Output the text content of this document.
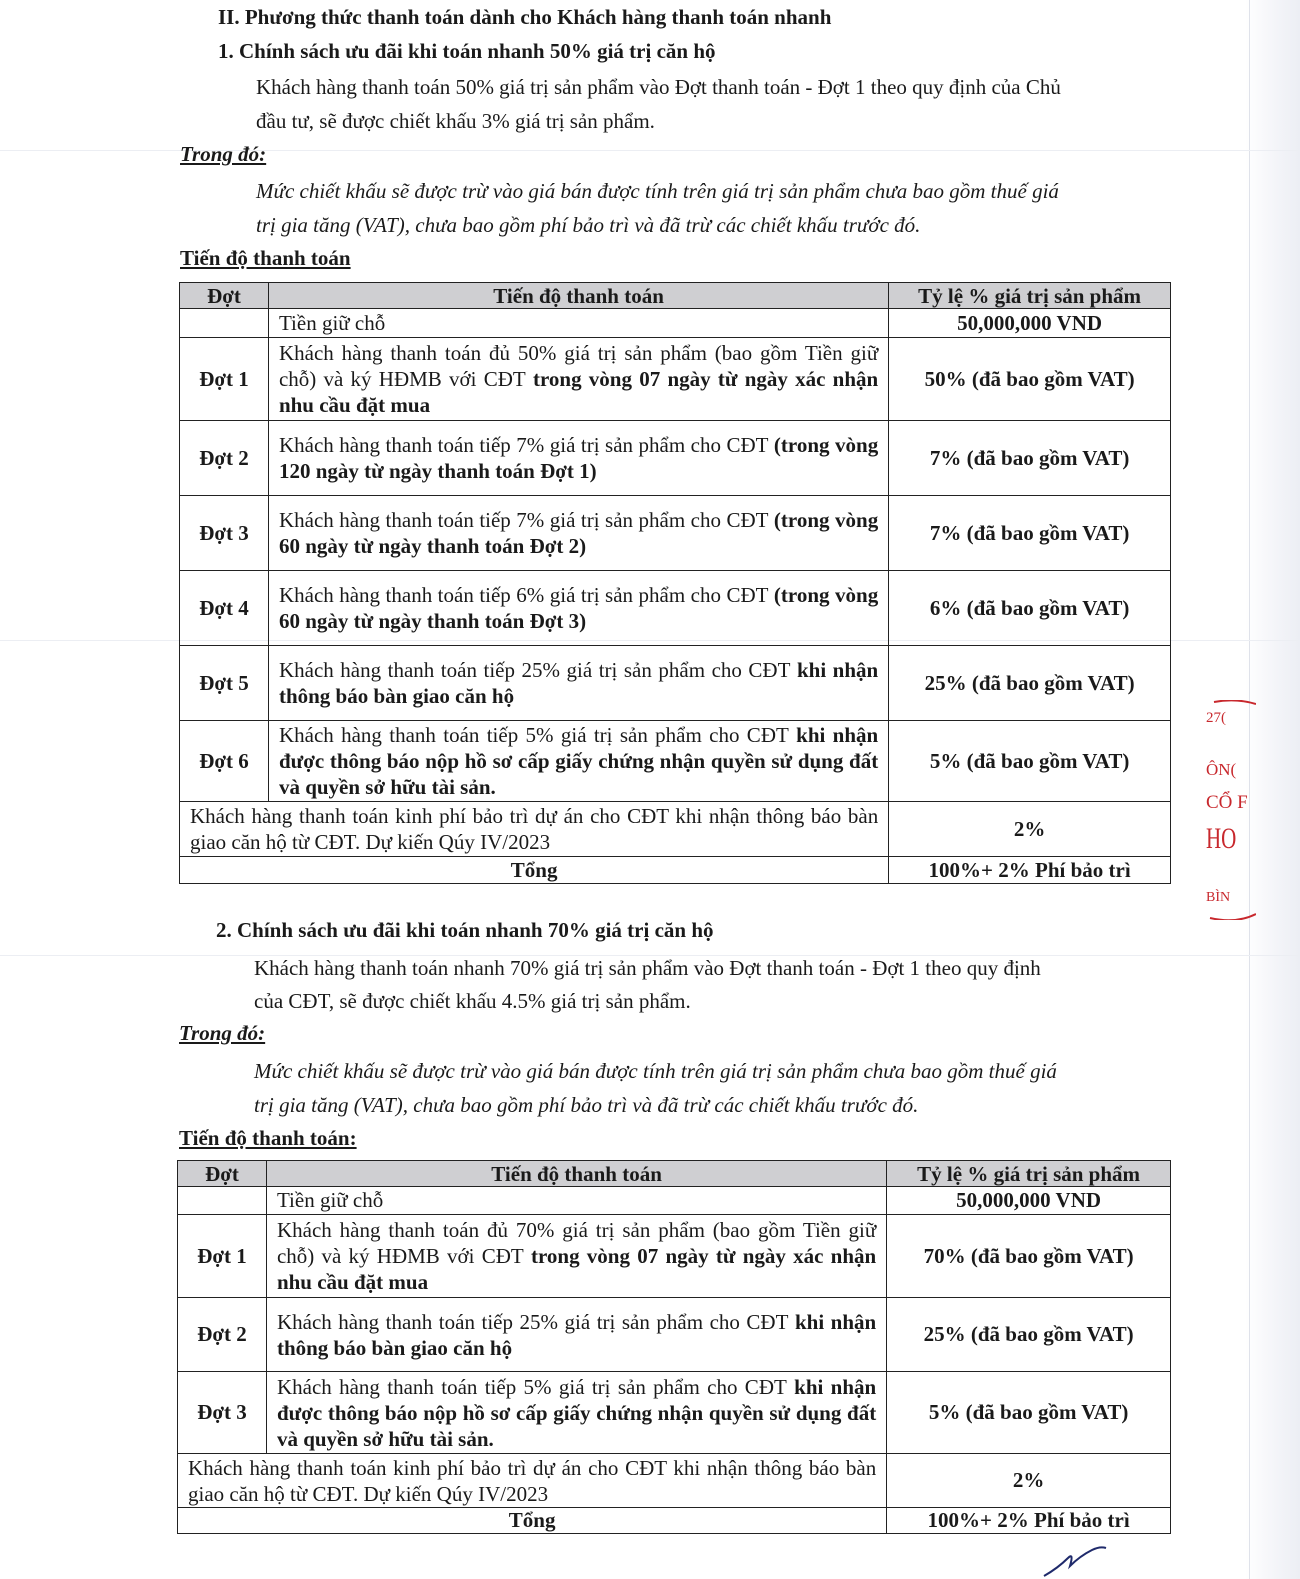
II. Phương thức thanh toán dành cho Khách hàng thanh toán nhanh
1. Chính sách ưu đãi khi toán nhanh 50% giá trị căn hộ
Khách hàng thanh toán 50% giá trị sản phẩm vào Đợt thanh toán - Đợt 1 theo quy định của Chủ
đầu tư, sẽ được chiết khấu 3% giá trị sản phẩm.
Trong đó:
Mức chiết khấu sẽ được trừ vào giá bán được tính trên giá trị sản phẩm chưa bao gồm thuế giá
trị gia tăng (VAT), chưa bao gồm phí bảo trì và đã trừ các chiết khấu trước đó.
Tiến độ thanh toán
Đợt	Tiến độ thanh toán	Tỷ lệ % giá trị sản phẩm
	Tiền giữ chỗ	50,000,000 VND
Đợt 1	Khách hàng thanh toán đủ 50% giá trị sản phẩm (bao gồm Tiền giữ chỗ) và ký HĐMB với CĐT trong vòng 07 ngày từ ngày xác nhận nhu cầu đặt mua	50% (đã bao gồm VAT)
Đợt 2	Khách hàng thanh toán tiếp 7% giá trị sản phẩm cho CĐT (trong vòng 120 ngày từ ngày thanh toán Đợt 1)	7% (đã bao gồm VAT)
Đợt 3	Khách hàng thanh toán tiếp 7% giá trị sản phẩm cho CĐT (trong vòng 60 ngày từ ngày thanh toán Đợt 2)	7% (đã bao gồm VAT)
Đợt 4	Khách hàng thanh toán tiếp 6% giá trị sản phẩm cho CĐT (trong vòng 60 ngày từ ngày thanh toán Đợt 3)	6% (đã bao gồm VAT)
Đợt 5	Khách hàng thanh toán tiếp 25% giá trị sản phẩm cho CĐT khi nhận thông báo bàn giao căn hộ	25% (đã bao gồm VAT)
Đợt 6	Khách hàng thanh toán tiếp 5% giá trị sản phẩm cho CĐT khi nhận được thông báo nộp hồ sơ cấp giấy chứng nhận quyền sử dụng đất và quyền sở hữu tài sản.	5% (đã bao gồm VAT)
Khách hàng thanh toán kinh phí bảo trì dự án cho CĐT khi nhận thông báo bàn giao căn hộ từ CĐT. Dự kiến Qúy IV/2023		2%
Tổng		100%+ 2% Phí bảo trì
2. Chính sách ưu đãi khi toán nhanh 70% giá trị căn hộ
Khách hàng thanh toán nhanh 70% giá trị sản phẩm vào Đợt thanh toán - Đợt 1 theo quy định
của CĐT, sẽ được chiết khấu 4.5% giá trị sản phẩm.
Trong đó:
Mức chiết khấu sẽ được trừ vào giá bán được tính trên giá trị sản phẩm chưa bao gồm thuế giá
trị gia tăng (VAT), chưa bao gồm phí bảo trì và đã trừ các chiết khấu trước đó.
Tiến độ thanh toán:
Đợt	Tiến độ thanh toán	Tỷ lệ % giá trị sản phẩm
	Tiền giữ chỗ	50,000,000 VND
Đợt 1	Khách hàng thanh toán đủ 70% giá trị sản phẩm (bao gồm Tiền giữ chỗ) và ký HĐMB với CĐT trong vòng 07 ngày từ ngày xác nhận nhu cầu đặt mua	70% (đã bao gồm VAT)
Đợt 2	Khách hàng thanh toán tiếp 25% giá trị sản phẩm cho CĐT khi nhận thông báo bàn giao căn hộ	25% (đã bao gồm VAT)
Đợt 3	Khách hàng thanh toán tiếp 5% giá trị sản phẩm cho CĐT khi nhận được thông báo nộp hồ sơ cấp giấy chứng nhận quyền sử dụng đất và quyền sở hữu tài sản.	5% (đã bao gồm VAT)
Khách hàng thanh toán kinh phí bảo trì dự án cho CĐT khi nhận thông báo bàn giao căn hộ từ CĐT. Dự kiến Qúy IV/2023		2%
Tổng		100%+ 2% Phí bảo trì
27(
ÔN(
CỔ F
HO
BÌN
